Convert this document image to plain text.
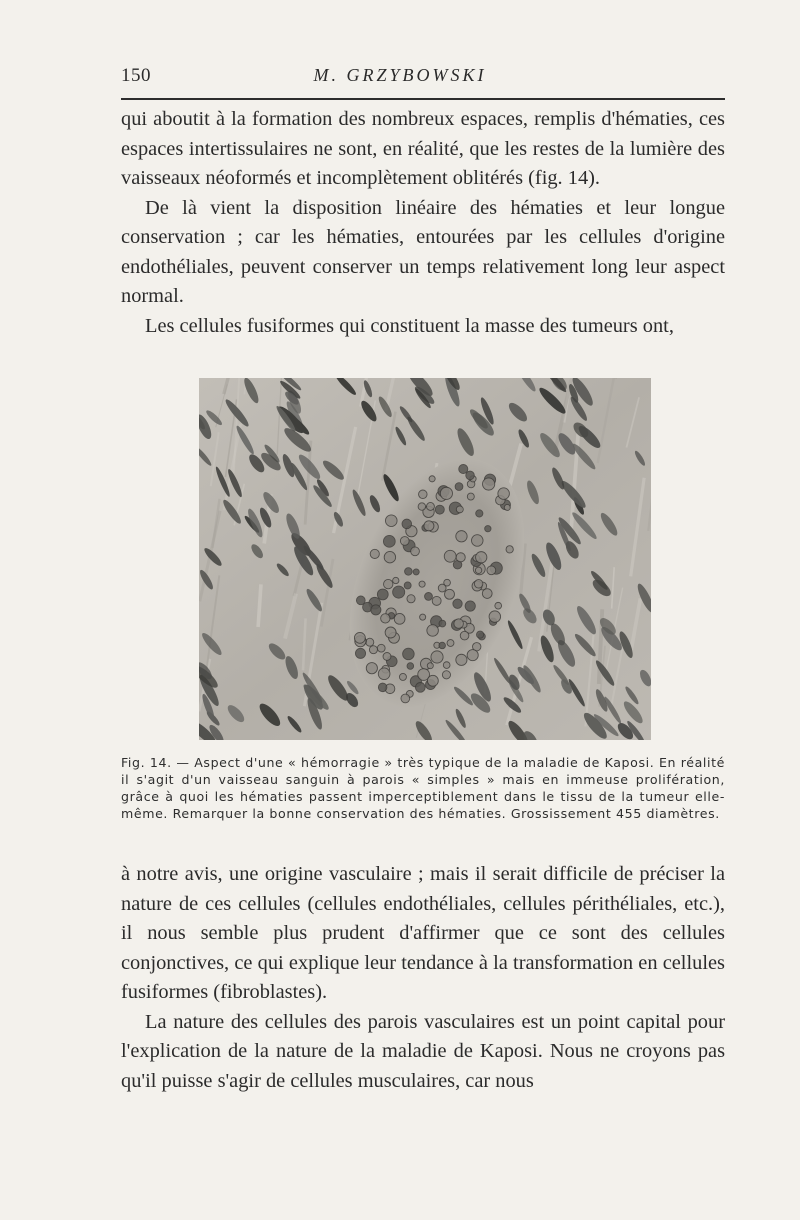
150	M. GRZYBOWSKI

qui aboutit à la formation des nombreux espaces, remplis d'hématies, ces espaces intertissulaires ne sont, en réalité, que les restes de la lumière des vaisseaux néoformés et incomplètement oblitérés (fig. 14).

De là vient la disposition linéaire des hématies et leur longue conservation ; car les hématies, entourées par les cellules d'origine endothéliales, peuvent conserver un temps relativement long leur aspect normal.

Les cellules fusiformes qui constituent la masse des tumeurs ont,

Fig. 14. — Aspect d'une « hémorragie » très typique de la maladie de Kaposi. En réalité il s'agit d'un vaisseau sanguin à parois « simples » mais en immeuse prolifération, grâce à quoi les hématies passent imperceptiblement dans le tissu de la tumeur elle-même. Remarquer la bonne conservation des hématies. Grossissement 455 diamètres.

à notre avis, une origine vasculaire ; mais il serait difficile de préciser la nature de ces cellules (cellules endothéliales, cellules périthéliales, etc.), il nous semble plus prudent d'affirmer que ce sont des cellules conjonctives, ce qui explique leur tendance à la transformation en cellules fusiformes (fibroblastes).

La nature des cellules des parois vasculaires est un point capital pour l'explication de la nature de la maladie de Kaposi. Nous ne croyons pas qu'il puisse s'agir de cellules musculaires, car nous
